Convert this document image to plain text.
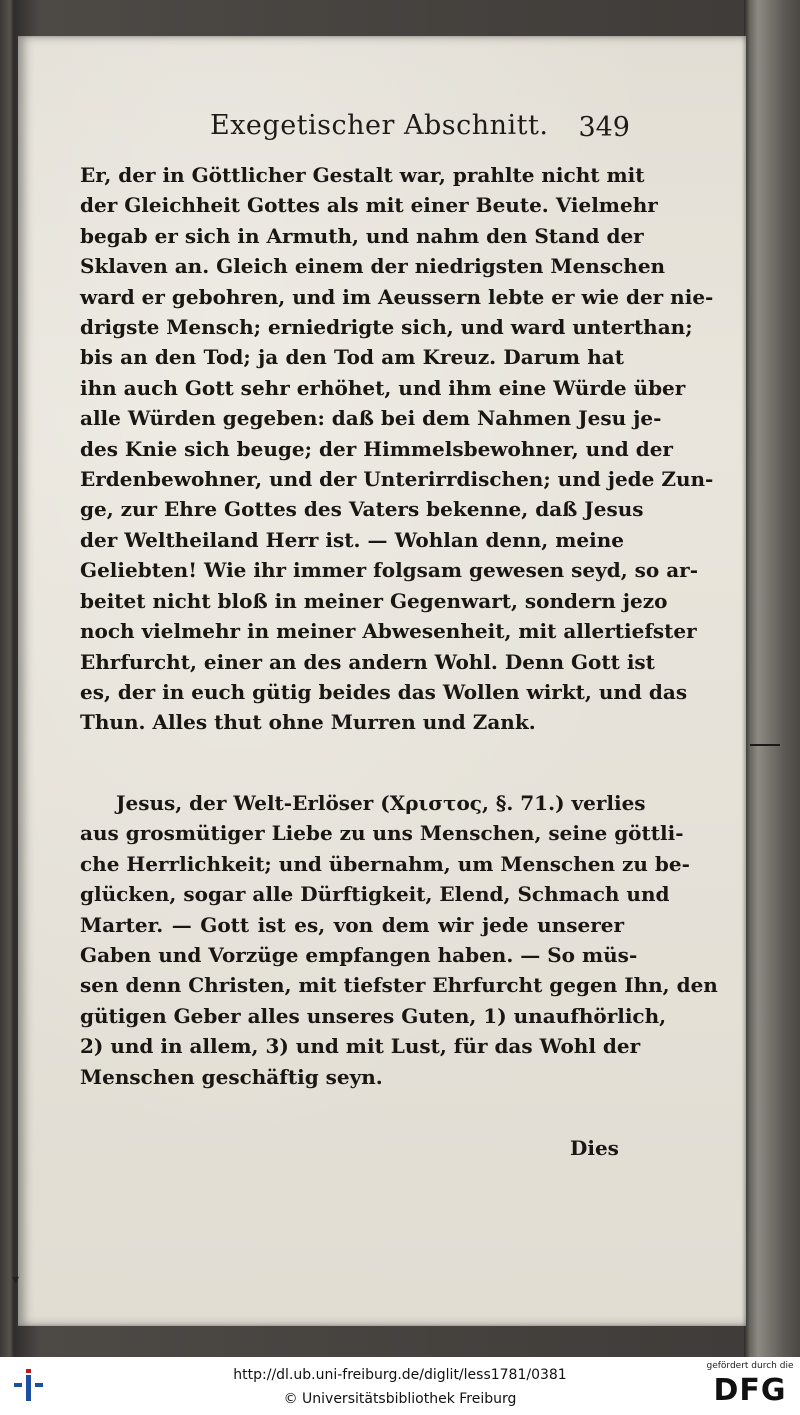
Exegetischer Abschnitt. 349
Er, der in Göttlicher Gestalt war, prahlte nicht mit
der Gleichheit Gottes als mit einer Beute. Vielmehr
begab er sich in Armuth, und nahm den Stand der
Sklaven an. Gleich einem der niedrigsten Menschen
ward er gebohren, und im Aeussern lebte er wie der nie-
drigste Mensch; erniedrigte sich, und ward unterthan;
bis an den Tod; ja den Tod am Kreuz. Darum hat
ihn auch Gott sehr erhöhet, und ihm eine Würde über
alle Würden gegeben: daß bei dem Nahmen Jesu je-
des Knie sich beuge; der Himmelsbewohner, und der
Erdenbewohner, und der Unterirrdischen; und jede Zun-
ge, zur Ehre Gottes des Vaters bekenne, daß Jesus
der Weltheiland Herr ist. — Wohlan denn, meine
Geliebten! Wie ihr immer folgsam gewesen seyd, so ar-
beitet nicht bloß in meiner Gegenwart, sondern jezo
noch vielmehr in meiner Abwesenheit, mit allertiefster
Ehrfurcht, einer an des andern Wohl. Denn Gott ist
es, der in euch gütig beides das Wollen wirkt, und das
Thun. Alles thut ohne Murren und Zank.
Jesus, der Welt-Erlöser (Χριστος, §. 71.) verlies
aus grosmütiger Liebe zu uns Menschen, seine göttli-
che Herrlichkeit; und übernahm, um Menschen zu be-
glücken, sogar alle Dürftigkeit, Elend, Schmach und
Marter. — Gott ist es, von dem wir jede unserer
Gaben und Vorzüge empfangen haben. — So müs-
sen denn Christen, mit tiefster Ehrfurcht gegen Ihn, den
gütigen Geber alles unseres Guten, 1) unaufhörlich,
2) und in allem, 3) und mit Lust, für das Wohl der
Menschen geschäftig seyn.
Dies
▾
http://dl.ub.uni-freiburg.de/diglit/less1781/0381
© Universitätsbibliothek Freiburg
gefördert durch die
DFG
